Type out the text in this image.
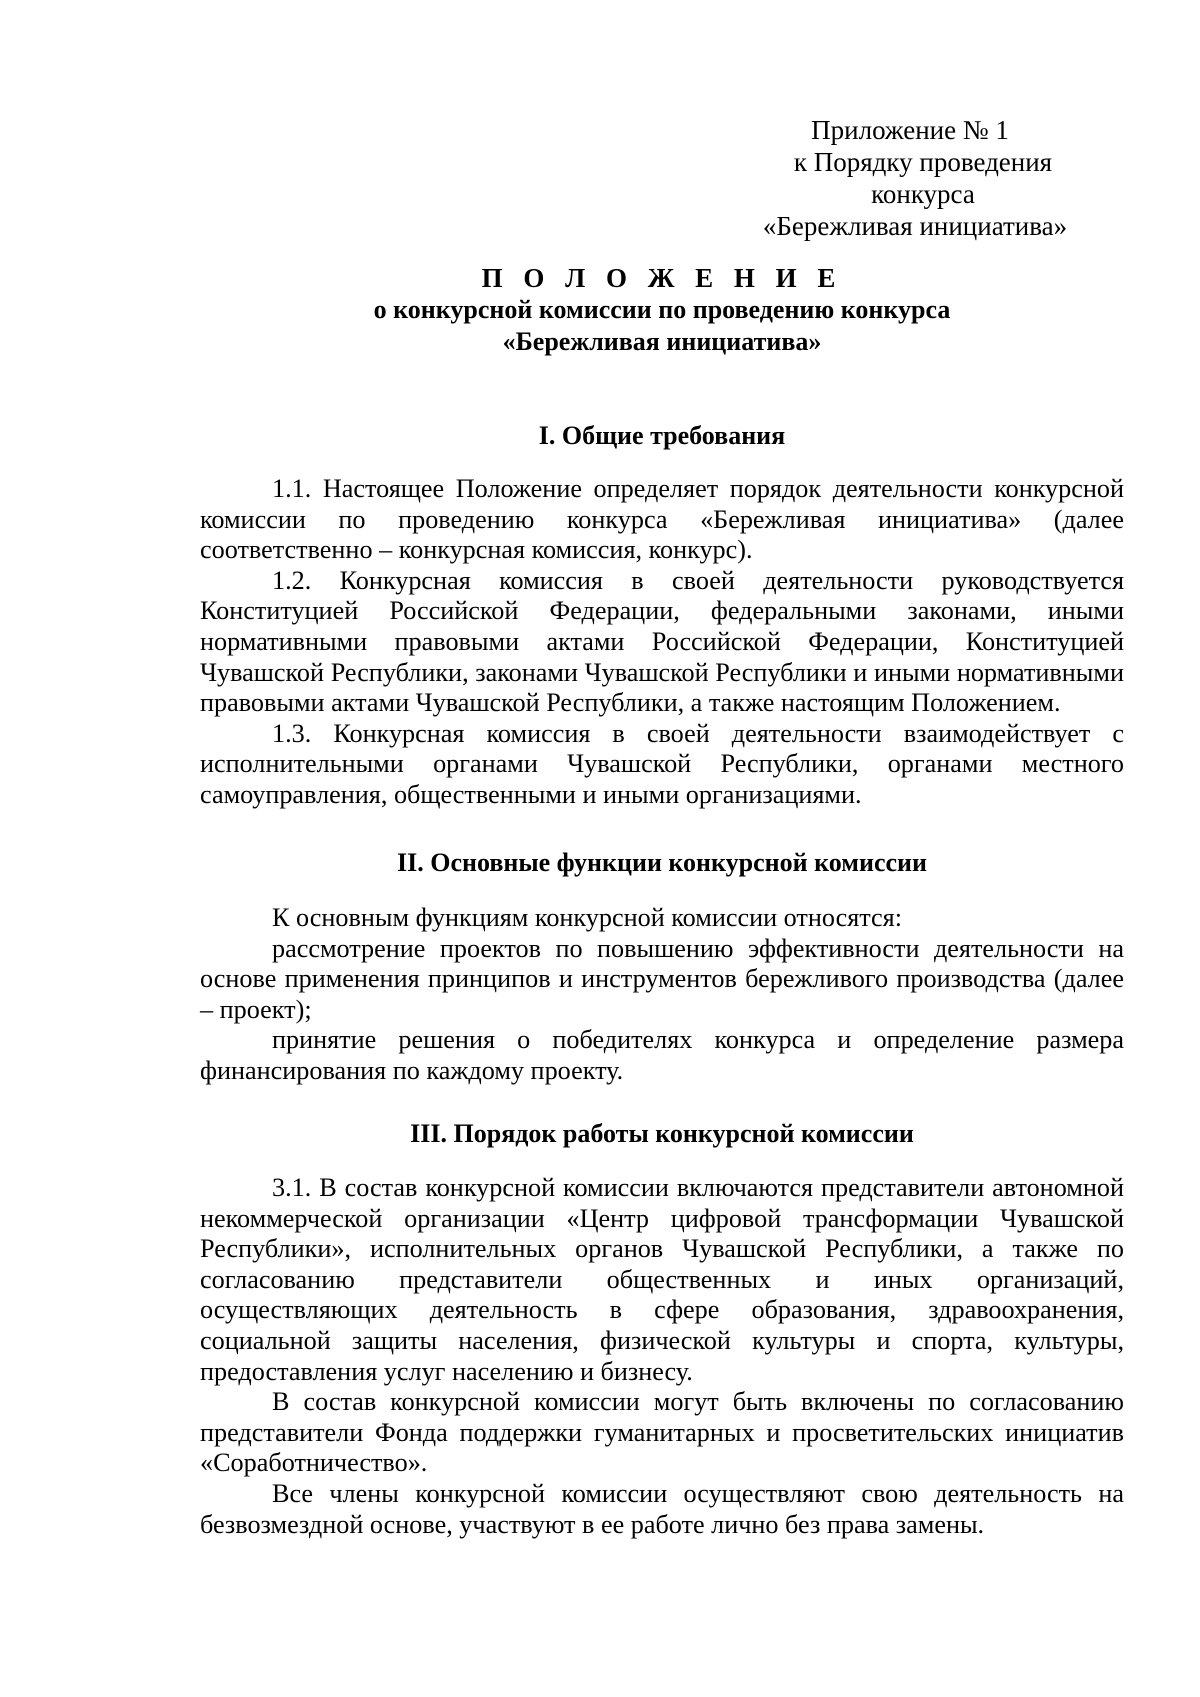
Приложение № 1
к Порядку проведения конкурса
«Бережливая инициатива»
П О Л О Ж Е Н И Е
о конкурсной комиссии по проведению конкурса
«Бережливая инициатива»
I. Общие требования

1.1. Настоящее Положение определяет порядок деятельности конкурсной комиссии по проведению конкурса «Бережливая инициатива» (далее соответственно – конкурсная комиссия, конкурс).

1.2. Конкурсная комиссия в своей деятельности руководствуется Конституцией Российской Федерации, федеральными законами, иными нормативными правовыми актами Российской Федерации, Конституцией Чувашской Республики, законами Чувашской Республики и иными нормативными правовыми актами Чувашской Республики, а также настоящим Положением.

1.3. Конкурсная комиссия в своей деятельности взаимодействует с исполнительными органами Чувашской Республики, органами местного самоуправления, общественными и иными организациями.

II. Основные функции конкурсной комиссии

К основным функциям конкурсной комиссии относятся:

рассмотрение проектов по повышению эффективности деятельности на основе применения принципов и инструментов бережливого производства (далее – проект);

принятие решения о победителях конкурса и определение размера финансирования по каждому проекту.

III. Порядок работы конкурсной комиссии

3.1. В состав конкурсной комиссии включаются представители автономной некоммерческой организации «Центр цифровой трансформации Чувашской Республики», исполнительных органов Чувашской Республики, а также по согласованию представители общественных и иных организаций, осуществляющих деятельность в сфере образования, здравоохранения, социальной защиты населения, физической культуры и спорта, культуры, предоставления услуг населению и бизнесу.

В состав конкурсной комиссии могут быть включены по согласованию представители Фонда поддержки гуманитарных и просветительских инициатив «Соработничество».

Все члены конкурсной комиссии осуществляют свою деятельность на безвозмездной основе, участвуют в ее работе лично без права замены.
